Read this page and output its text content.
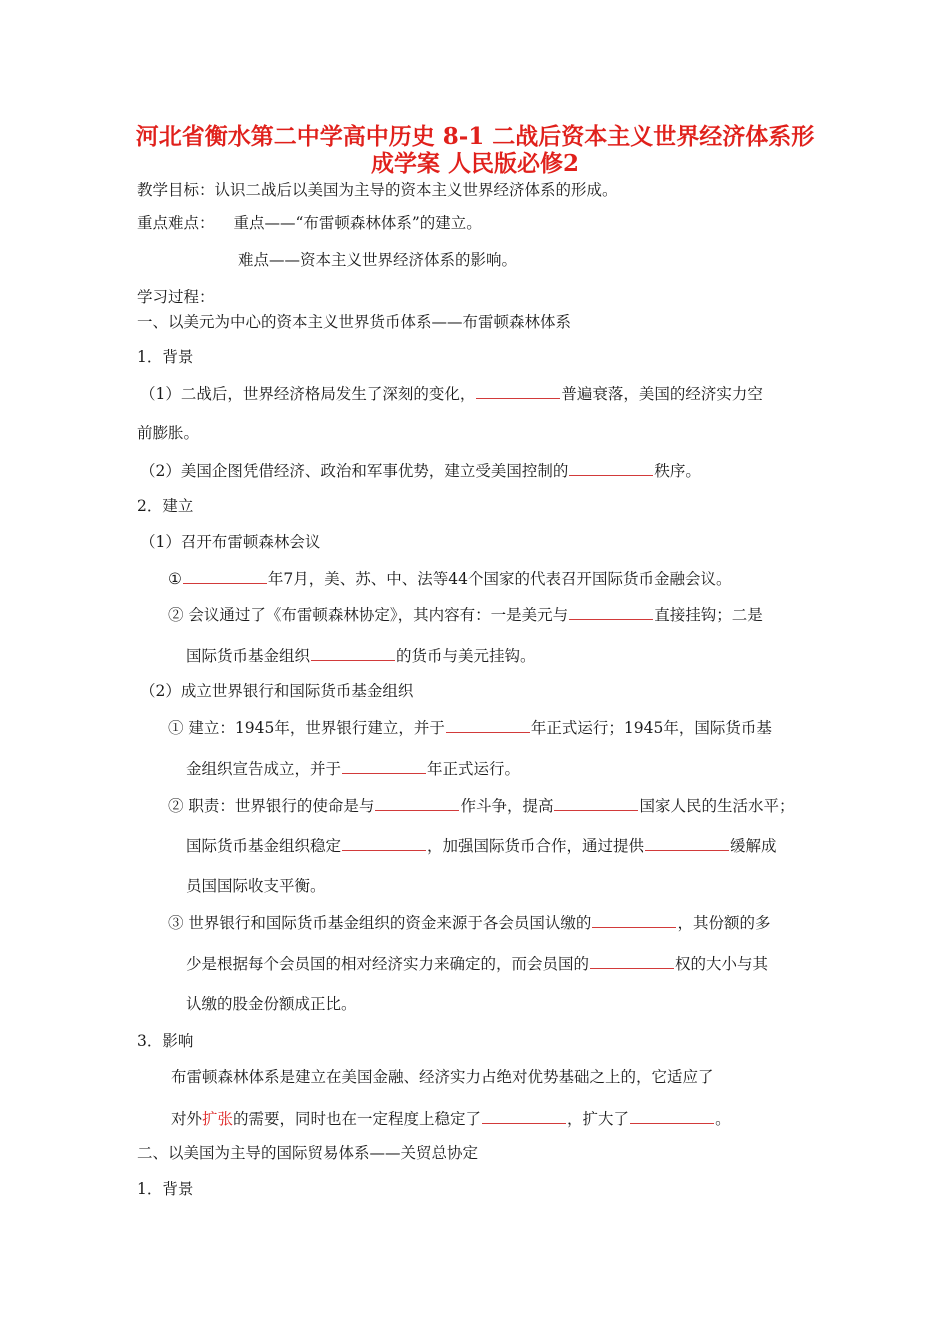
河北省衡水第二中学高中历史 8-1 二战后资本主义世界经济体系形
成学案 人民版必修2
教学目标：认识二战后以美国为主导的资本主义世界经济体系的形成。
重点难点： 重点——“布雷顿森林体系”的建立。
难点——资本主义世界经济体系的影响。
学习过程：
一、以美元为中心的资本主义世界货币体系——布雷顿森林体系
1．背景
（1）二战后，世界经济格局发生了深刻的变化，	普遍衰落，美国的经济实力空
前膨胀。
（2）美国企图凭借经济、政治和军事优势，建立受美国控制的	秩序。
2．建立
（1）召开布雷顿森林会议
①	年7月，美、苏、中、法等44个国家的代表召开国际货币金融会议。
② 会议通过了《布雷顿森林协定》，其内容有：一是美元与	直接挂钩；二是
国际货币基金组织	的货币与美元挂钩。
（2）成立世界银行和国际货币基金组织
① 建立：1945年，世界银行建立，并于	年正式运行；1945年，国际货币基
金组织宣告成立，并于	年正式运行。
② 职责：世界银行的使命是与	作斗争，提高	国家人民的生活水平；
国际货币基金组织稳定	，加强国际货币合作，通过提供	缓解成
员国国际收支平衡。
③ 世界银行和国际货币基金组织的资金来源于各会员国认缴的	，其份额的多
少是根据每个会员国的相对经济实力来确定的，而会员国的	权的大小与其
认缴的股金份额成正比。
3．影响
布雷顿森林体系是建立在美国金融、经济实力占绝对优势基础之上的，它适应了
对外扩张的需要，同时也在一定程度上稳定了	，扩大了	。
二、以美国为主导的国际贸易体系——关贸总协定
1．背景
